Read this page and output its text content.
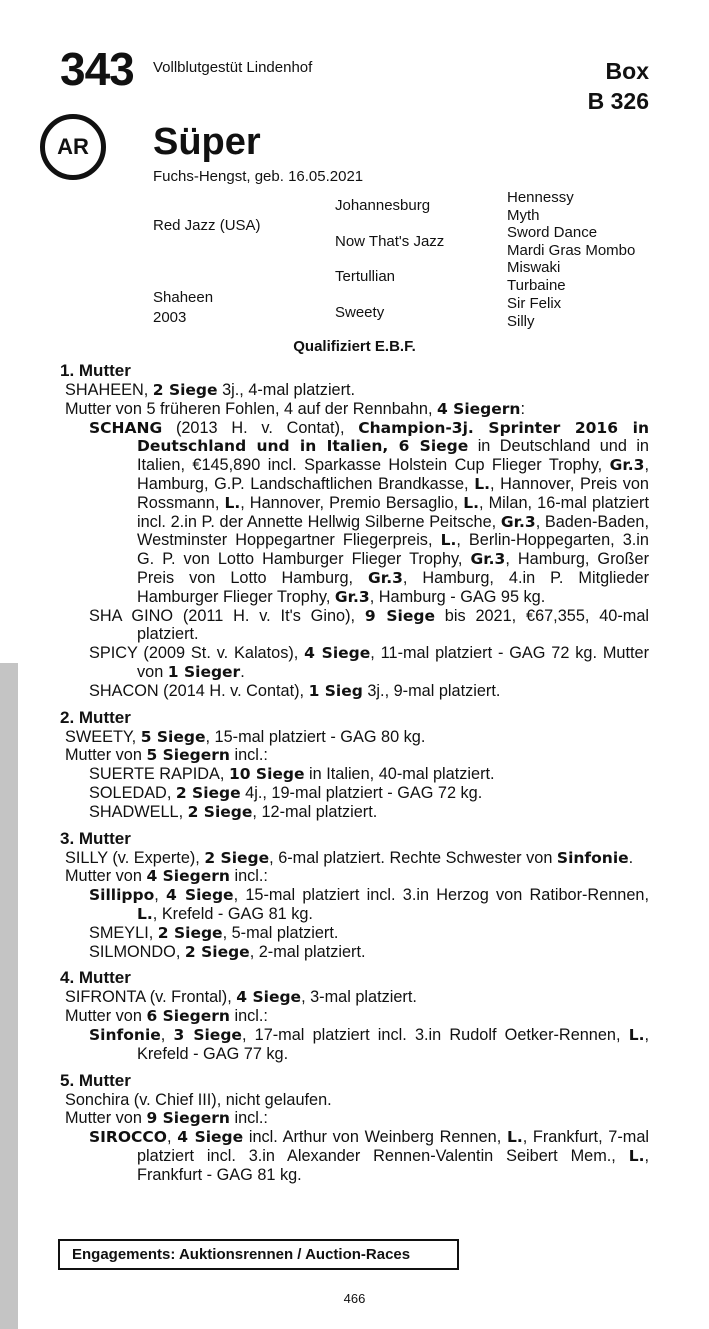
343 Vollblutgestüt Lindenhof	Box
B 326
AR	Süper
Fuchs-Hengst, geb. 16.05.2021
Red Jazz (USA)
Shaheen
2003
Johannesburg
Now That's Jazz
Tertullian
Sweety
Hennessy
Myth
Sword Dance
Mardi Gras Mombo
Miswaki
Turbaine
Sir Felix
Silly
Qualifiziert E.B.F.
1. Mutter
SHAHEEN, 2 Siege 3j., 4-mal platziert.
Mutter von 5 früheren Fohlen, 4 auf der Rennbahn, 4 Siegern:
SCHANG (2013 H. v. Contat), Champion-3j. Sprinter 2016 in Deutschland und in Italien, 6 Siege in Deutschland und in Italien, €145,890 incl. Sparkasse Holstein Cup Flieger Trophy, Gr.3, Hamburg, G.P. Landschaftlichen Brandkasse, L., Hannover, Preis von Rossmann, L., Hannover, Premio Bersaglio, L., Milan, 16-mal platziert incl. 2.in P. der Annette Hellwig Silberne Peitsche, Gr.3, Baden-Baden, Westminster Hoppegartner Fliegerpreis, L., Berlin-Hoppegarten, 3.in G. P. von Lotto Hamburger Flieger Trophy, Gr.3, Hamburg, Großer Preis von Lotto Hamburg, Gr.3, Hamburg, 4.in P. Mitglieder Hamburger Flieger Trophy, Gr.3, Hamburg - GAG 95 kg.
SHA GINO (2011 H. v. It's Gino), 9 Siege bis 2021, €67,355, 40-mal platziert.
SPICY (2009 St. v. Kalatos), 4 Siege, 11-mal platziert - GAG 72 kg. Mutter von 1 Sieger.
SHACON (2014 H. v. Contat), 1 Sieg 3j., 9-mal platziert.
2. Mutter
SWEETY, 5 Siege, 15-mal platziert - GAG 80 kg.
Mutter von 5 Siegern incl.:
SUERTE RAPIDA, 10 Siege in Italien, 40-mal platziert.
SOLEDAD, 2 Siege 4j., 19-mal platziert - GAG 72 kg.
SHADWELL, 2 Siege, 12-mal platziert.
3. Mutter
SILLY (v. Experte), 2 Siege, 6-mal platziert. Rechte Schwester von Sinfonie.
Mutter von 4 Siegern incl.:
Sillippo, 4 Siege, 15-mal platziert incl. 3.in Herzog von Ratibor-Rennen, L., Krefeld - GAG 81 kg.
SMEYLI, 2 Siege, 5-mal platziert.
SILMONDO, 2 Siege, 2-mal platziert.
4. Mutter
SIFRONTA (v. Frontal), 4 Siege, 3-mal platziert.
Mutter von 6 Siegern incl.:
Sinfonie, 3 Siege, 17-mal platziert incl. 3.in Rudolf Oetker-Rennen, L., Krefeld - GAG 77 kg.
5. Mutter
Sonchira (v. Chief III), nicht gelaufen.
Mutter von 9 Siegern incl.:
SIROCCO, 4 Siege incl. Arthur von Weinberg Rennen, L., Frankfurt, 7-mal platziert incl. 3.in Alexander Rennen-Valentin Seibert Mem., L., Frankfurt - GAG 81 kg.
Engagements: Auktionsrennen / Auction-Races
466
